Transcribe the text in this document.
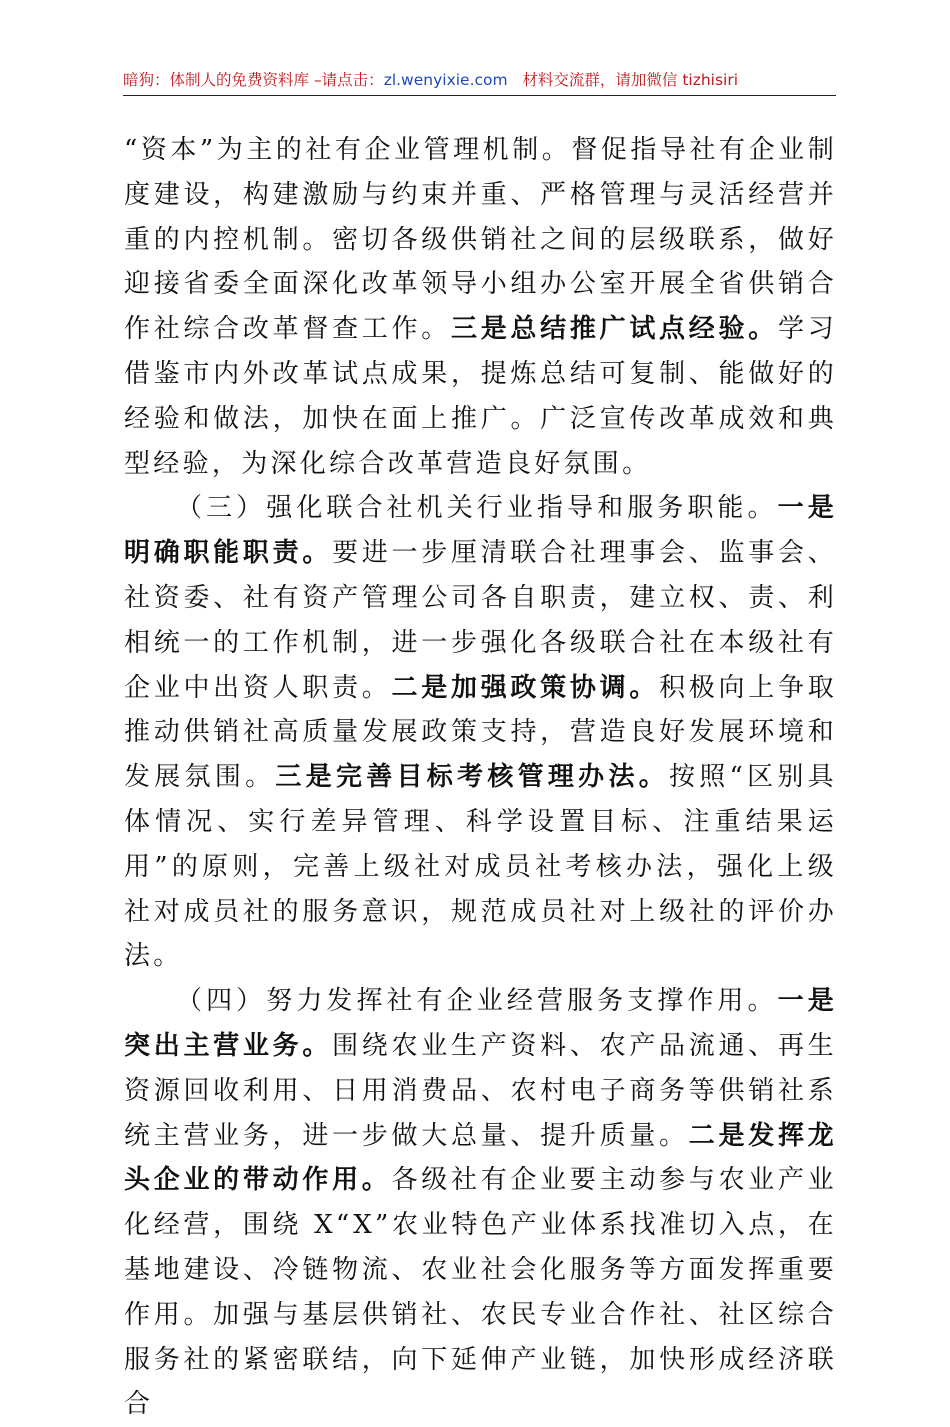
暗狗：体制人的免费资料库 –请点击：zl.wenyixie.com   材料交流群，请加微信 tizhisiri

“资本”为主的社有企业管理机制。督促指导社有企业制度建设，构建激励与约束并重、严格管理与灵活经营并重的内控机制。密切各级供销社之间的层级联系，做好迎接省委全面深化改革领导小组办公室开展全省供销合作社综合改革督查工作。三是总结推广试点经验。学习借鉴市内外改革试点成果，提炼总结可复制、能做好的经验和做法，加快在面上推广。广泛宣传改革成效和典型经验，为深化综合改革营造良好氛围。

（三）强化联合社机关行业指导和服务职能。一是明确职能职责。要进一步厘清联合社理事会、监事会、社资委、社有资产管理公司各自职责，建立权、责、利相统一的工作机制，进一步强化各级联合社在本级社有企业中出资人职责。二是加强政策协调。积极向上争取推动供销社高质量发展政策支持，营造良好发展环境和发展氛围。三是完善目标考核管理办法。按照“区别具体情况、实行差异管理、科学设置目标、注重结果运用”的原则，完善上级社对成员社考核办法，强化上级社对成员社的服务意识，规范成员社对上级社的评价办法。

（四）努力发挥社有企业经营服务支撑作用。一是突出主营业务。围绕农业生产资料、农产品流通、再生资源回收利用、日用消费品、农村电子商务等供销社系统主营业务，进一步做大总量、提升质量。二是发挥龙头企业的带动作用。各级社有企业要主动参与农业产业化经营，围绕 X“X”农业特色产业体系找准切入点，在基地建设、冷链物流、农业社会化服务等方面发挥重要作用。加强与基层供销社、农民专业合作社、社区综合服务社的紧密联结，向下延伸产业链，加快形成经济联合
